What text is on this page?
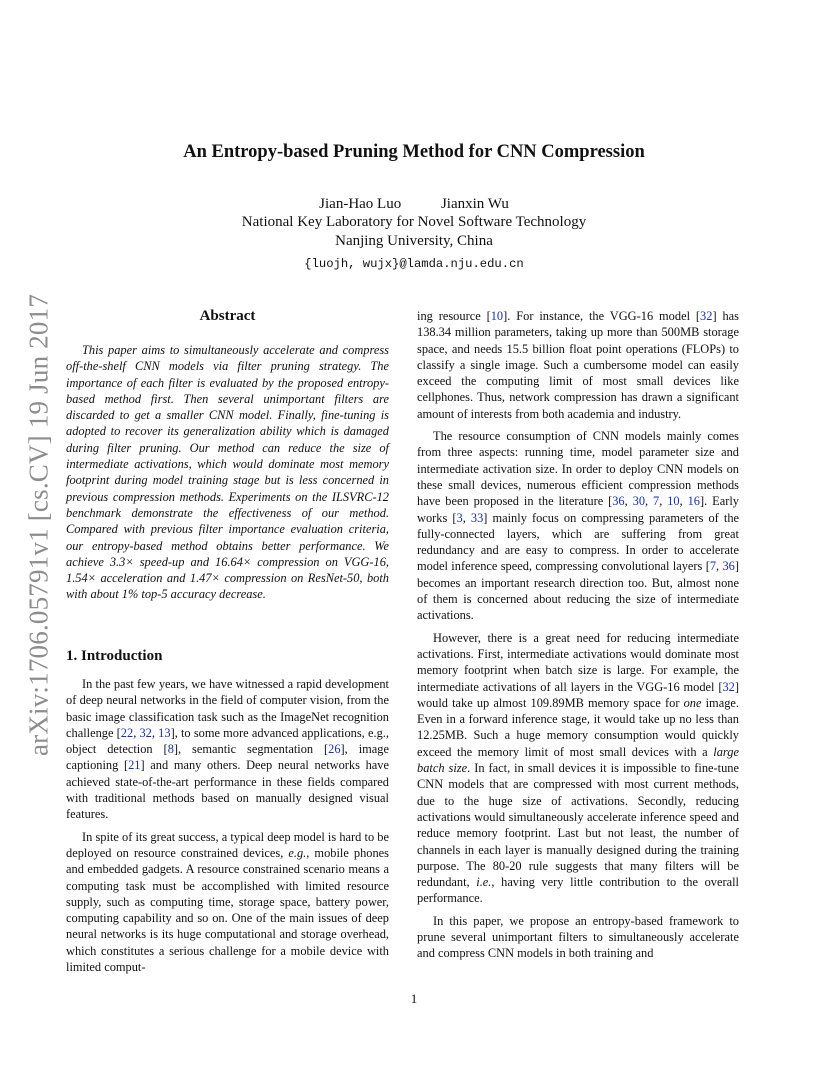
arXiv:1706.05791v1 [cs.CV] 19 Jun 2017
An Entropy-based Pruning Method for CNN Compression
Jian-Hao Luo	Jianxin Wu
National Key Laboratory for Novel Software Technology
Nanjing University, China
{luojh, wujx}@lamda.nju.edu.cn
Abstract
This paper aims to simultaneously accelerate and compress off-the-shelf CNN models via filter pruning strategy. The importance of each filter is evaluated by the proposed entropy-based method first. Then several unimportant filters are discarded to get a smaller CNN model. Finally, fine-tuning is adopted to recover its generalization ability which is damaged during filter pruning. Our method can reduce the size of intermediate activations, which would dominate most memory footprint during model training stage but is less concerned in previous compression methods. Experiments on the ILSVRC-12 benchmark demonstrate the effectiveness of our method. Compared with previous filter importance evaluation criteria, our entropy-based method obtains better performance. We achieve 3.3× speed-up and 16.64× compression on VGG-16, 1.54× acceleration and 1.47× compression on ResNet-50, both with about 1% top-5 accuracy decrease.
1. Introduction

In the past few years, we have witnessed a rapid development of deep neural networks in the field of computer vision, from the basic image classification task such as the ImageNet recognition challenge [22, 32, 13], to some more advanced applications, e.g., object detection [8], semantic segmentation [26], image captioning [21] and many others. Deep neural networks have achieved state-of-the-art performance in these fields compared with traditional methods based on manually designed visual features.

In spite of its great success, a typical deep model is hard to be deployed on resource constrained devices, e.g., mobile phones and embedded gadgets. A resource constrained scenario means a computing task must be accomplished with limited resource supply, such as computing time, storage space, battery power, computing capability and so on. One of the main issues of deep neural networks is its huge computational and storage overhead, which constitutes a serious challenge for a mobile device with limited comput-

ing resource [10]. For instance, the VGG-16 model [32] has 138.34 million parameters, taking up more than 500MB storage space, and needs 15.5 billion float point operations (FLOPs) to classify a single image. Such a cumbersome model can easily exceed the computing limit of most small devices like cellphones. Thus, network compression has drawn a significant amount of interests from both academia and industry.

The resource consumption of CNN models mainly comes from three aspects: running time, model parameter size and intermediate activation size. In order to deploy CNN models on these small devices, numerous efficient compression methods have been proposed in the literature [36, 30, 7, 10, 16]. Early works [3, 33] mainly focus on compressing parameters of the fully-connected layers, which are suffering from great redundancy and are easy to compress. In order to accelerate model inference speed, compressing convolutional layers [7, 36] becomes an important research direction too. But, almost none of them is concerned about reducing the size of intermediate activations.

However, there is a great need for reducing intermediate activations. First, intermediate activations would dominate most memory footprint when batch size is large. For example, the intermediate activations of all layers in the VGG-16 model [32] would take up almost 109.89MB memory space for one image. Even in a forward inference stage, it would take up no less than 12.25MB. Such a huge memory consumption would quickly exceed the memory limit of most small devices with a large batch size. In fact, in small devices it is impossible to fine-tune CNN models that are compressed with most current methods, due to the huge size of activations. Secondly, reducing activations would simultaneously accelerate inference speed and reduce memory footprint. Last but not least, the number of channels in each layer is manually designed during the training purpose. The 80-20 rule suggests that many filters will be redundant, i.e., having very little contribution to the overall performance.

In this paper, we propose an entropy-based framework to prune several unimportant filters to simultaneously accelerate and compress CNN models in both training and

1
